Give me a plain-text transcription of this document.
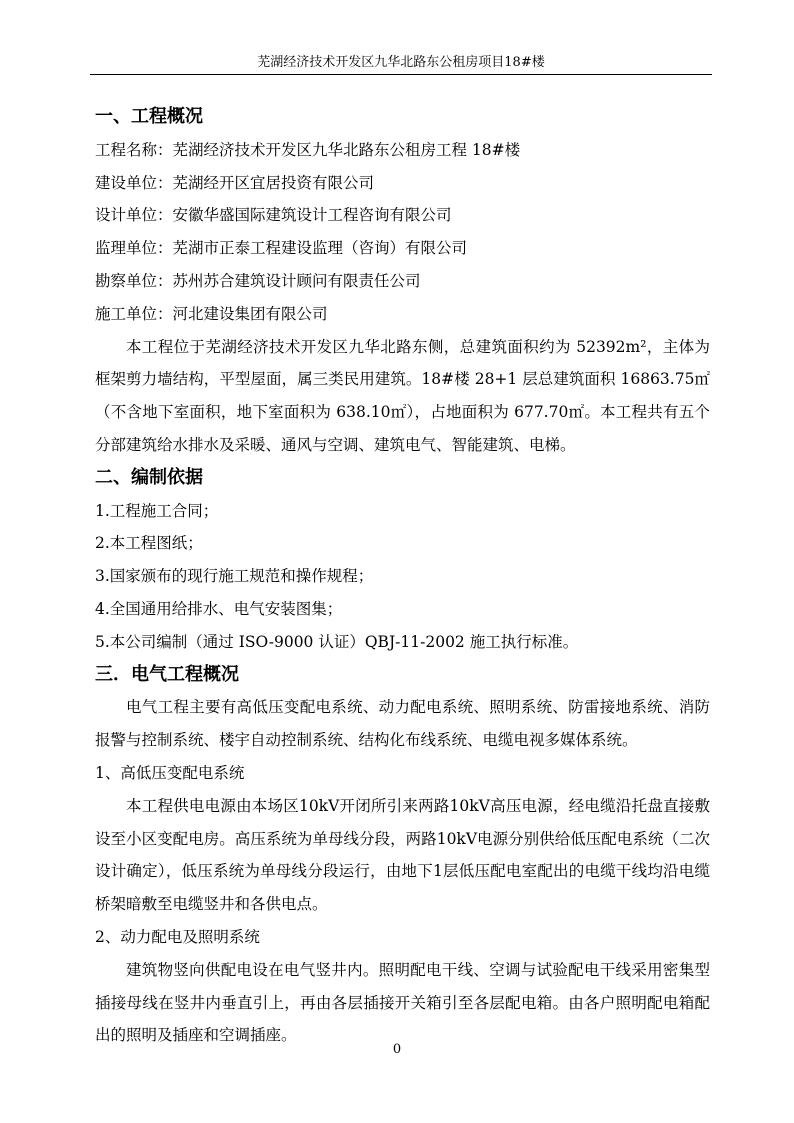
芜湖经济技术开发区九华北路东公租房项目18#楼
一、工程概况
工程名称：芜湖经济技术开发区九华北路东公租房工程 18#楼
建设单位：芜湖经开区宜居投资有限公司
设计单位：安徽华盛国际建筑设计工程咨询有限公司
监理单位：芜湖市正泰工程建设监理（咨询）有限公司
勘察单位：苏州苏合建筑设计顾问有限责任公司
施工单位：河北建设集团有限公司
本工程位于芜湖经济技术开发区九华北路东侧，总建筑面积约为 52392m²，主体为框架剪力墙结构，平型屋面，属三类民用建筑。18#楼 28+1 层总建筑面积 16863.75㎡（不含地下室面积，地下室面积为 638.10㎡），占地面积为 677.70㎡。本工程共有五个分部建筑给水排水及采暖、通风与空调、建筑电气、智能建筑、电梯。
二、编制依据
1.工程施工合同；
2.本工程图纸；
3.国家颁布的现行施工规范和操作规程；
4.全国通用给排水、电气安装图集；
5.本公司编制（通过 ISO-9000 认证）QBJ-11-2002 施工执行标准。
三．电气工程概况
电气工程主要有高低压变配电系统、动力配电系统、照明系统、防雷接地系统、消防报警与控制系统、楼宇自动控制系统、结构化布线系统、电缆电视多媒体系统。
1、高低压变配电系统
本工程供电电源由本场区10kV开闭所引来两路10kV高压电源，经电缆沿托盘直接敷设至小区变配电房。高压系统为单母线分段，两路10kV电源分别供给低压配电系统（二次设计确定），低压系统为单母线分段运行，由地下1层低压配电室配出的电缆干线均沿电缆桥架暗敷至电缆竖井和各供电点。
2、动力配电及照明系统
建筑物竖向供配电设在电气竖井内。照明配电干线、空调与试验配电干线采用密集型插接母线在竖井内垂直引上，再由各层插接开关箱引至各层配电箱。由各户照明配电箱配出的照明及插座和空调插座。
0
